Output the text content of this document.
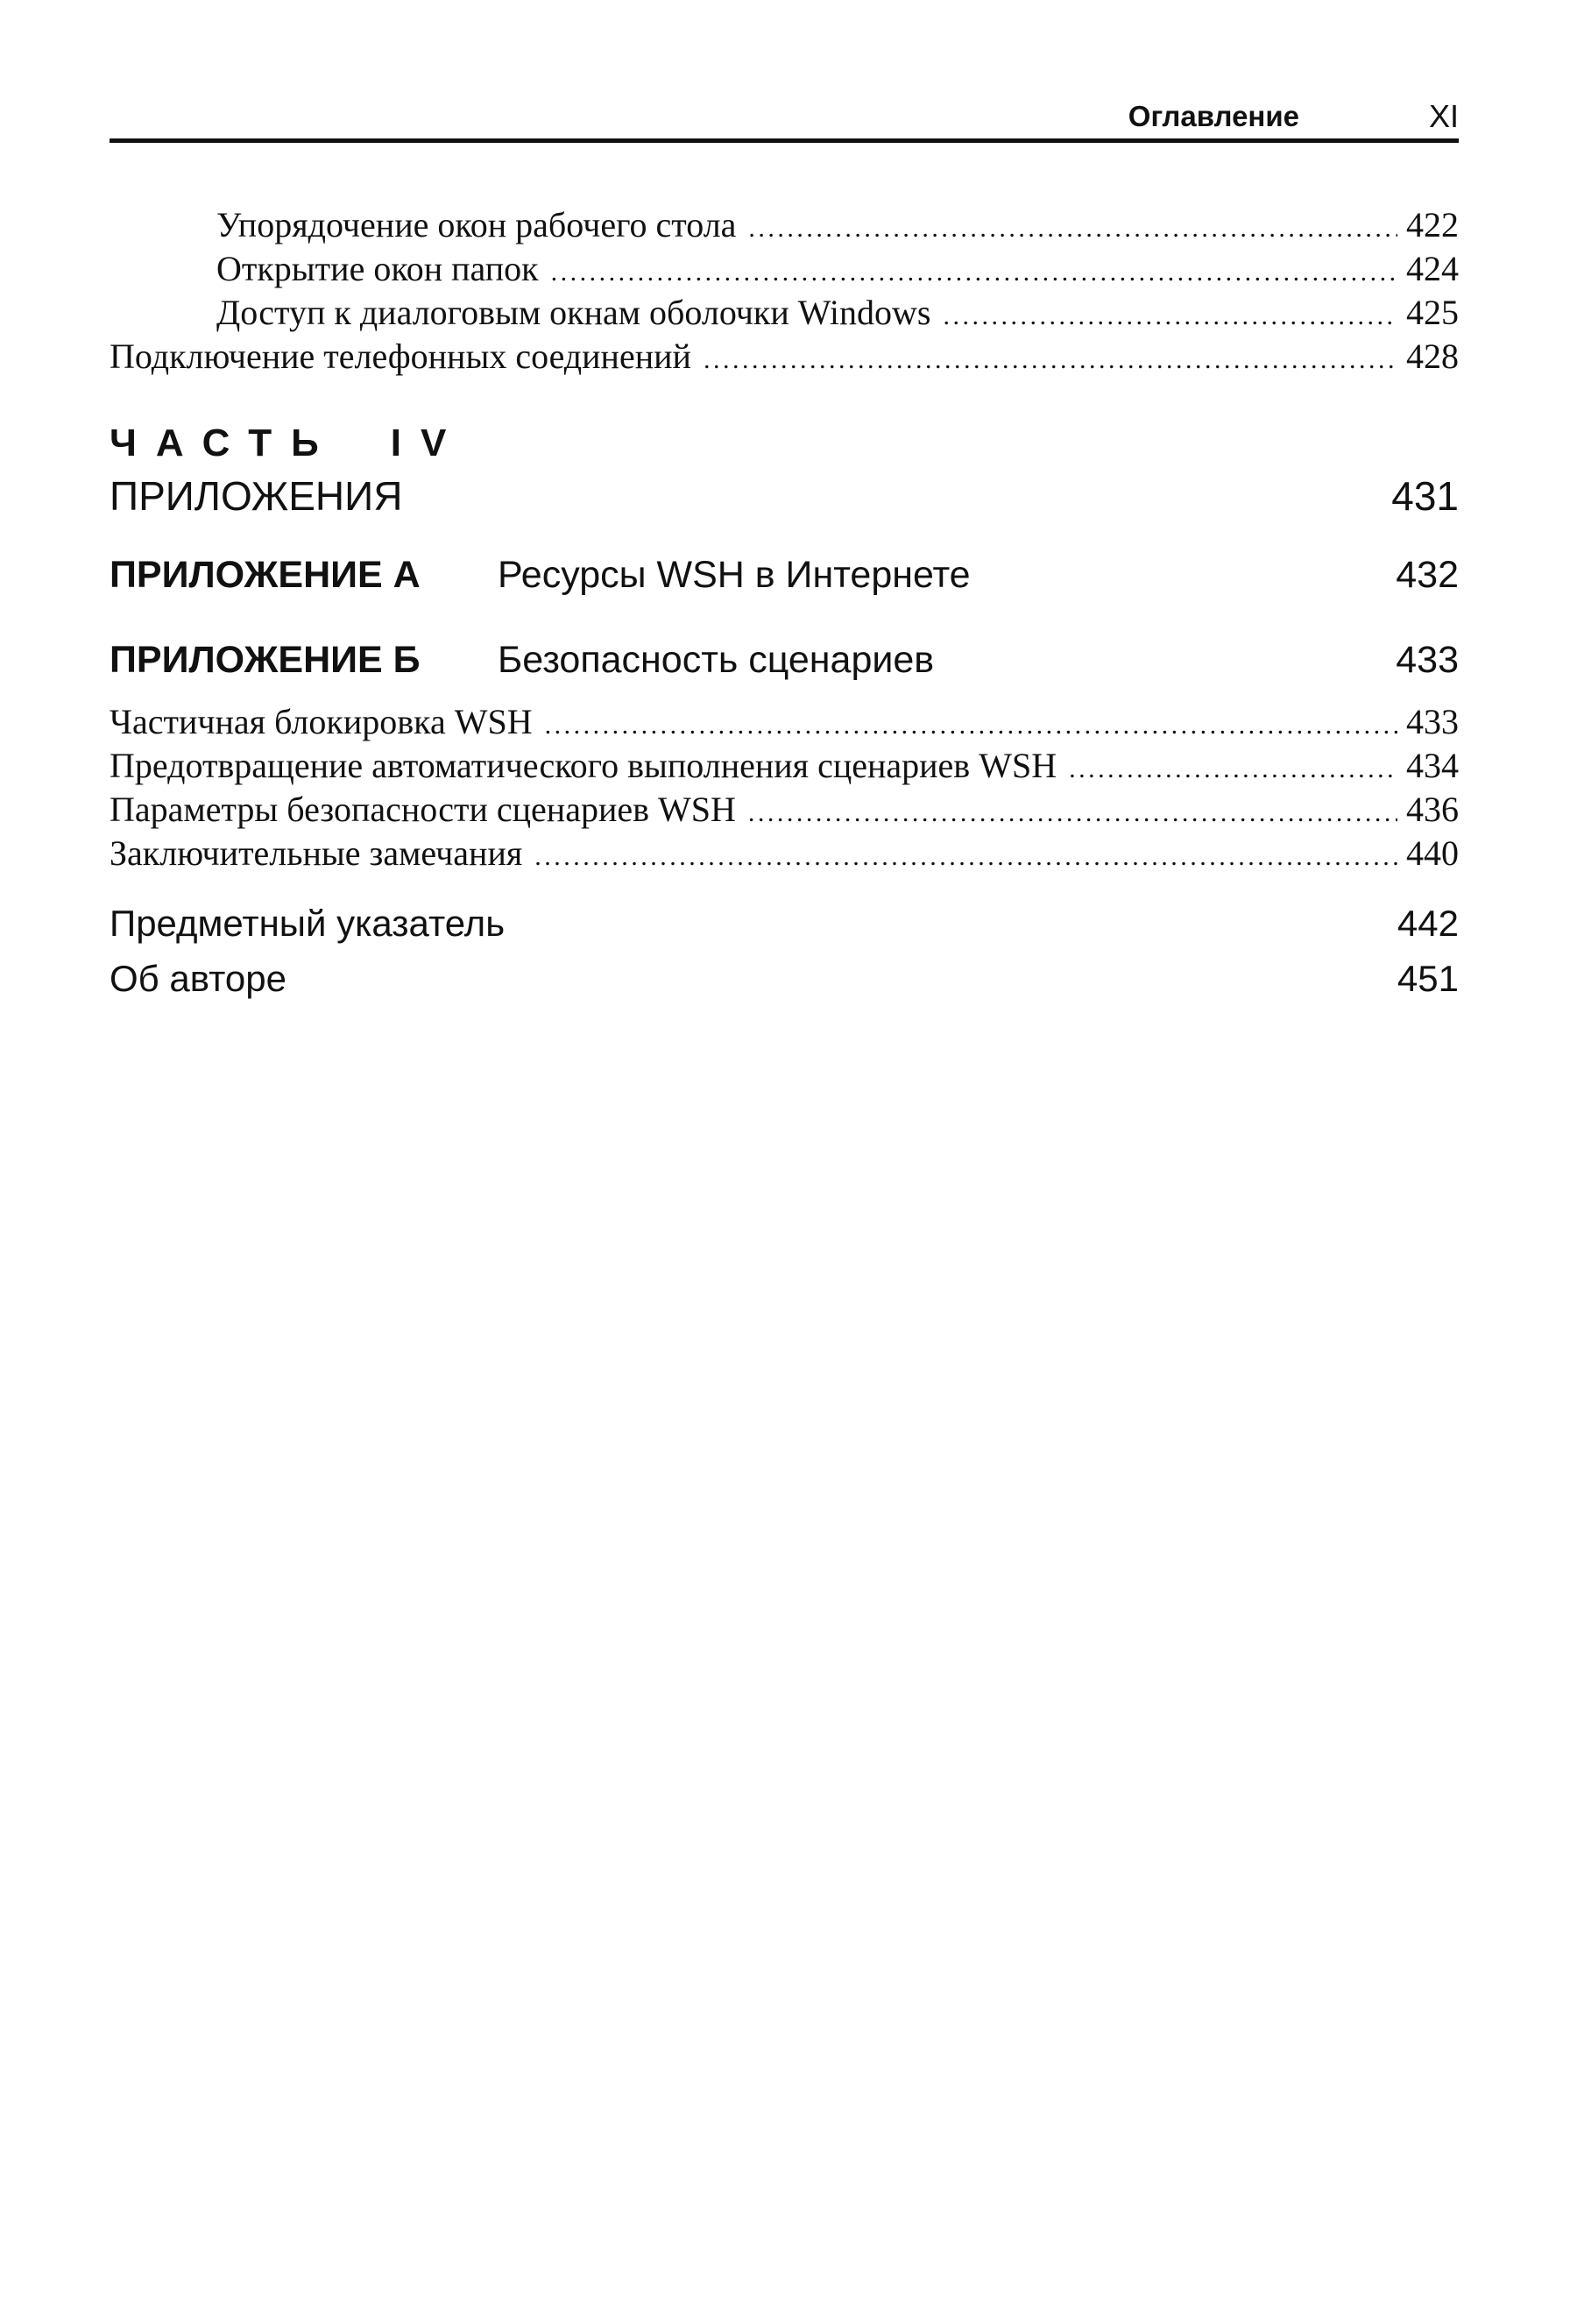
Оглавление	XI
Упорядочение окон рабочего стола . . .	422
Открытие окон папок . . .	424
Доступ к диалоговым окнам оболочки Windows . . .	425
Подключение телефонных соединений . . .	428
ЧАСТЬ IV
ПРИЛОЖЕНИЯ	431
ПРИЛОЖЕНИЕ А	Ресурсы WSH в Интернете	432
ПРИЛОЖЕНИЕ Б	Безопасность сценариев	433
Частичная блокировка WSH . . .	433
Предотвращение автоматического выполнения сценариев WSH . . .	434
Параметры безопасности сценариев WSH . . .	436
Заключительные замечания . . .	440
Предметный указатель	442
Об авторе	451
